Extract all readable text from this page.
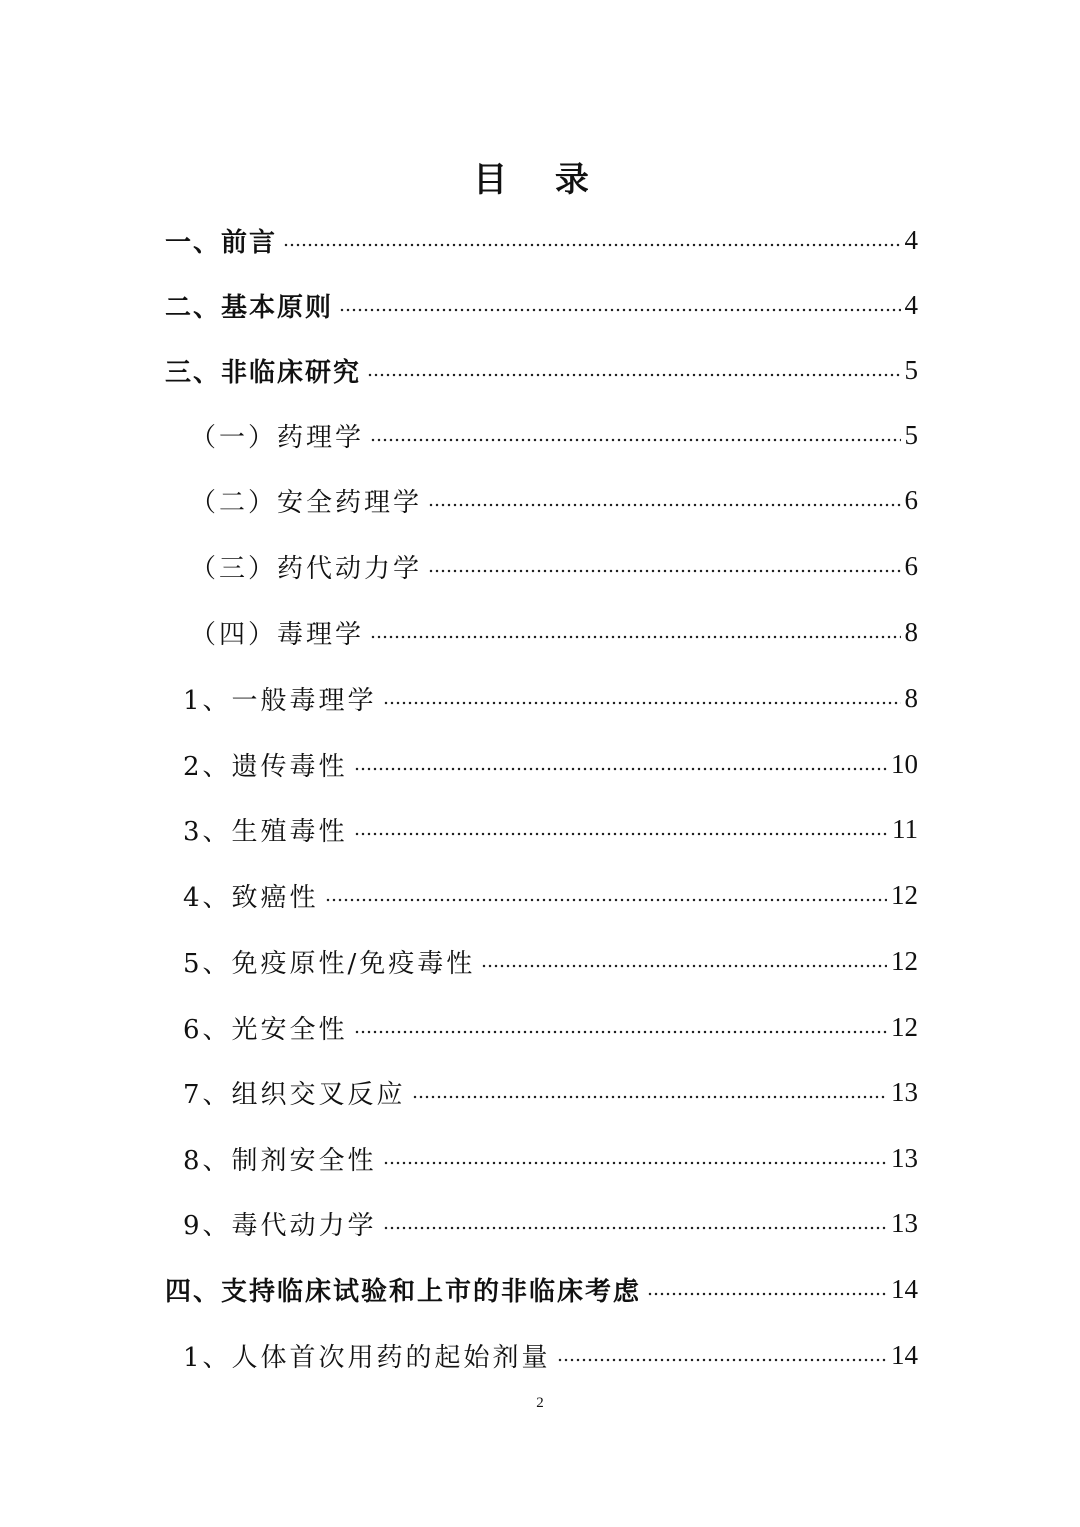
目 录
一、前言	4
二、基本原则	4
三、非临床研究	5
（一）药理学	5
（二）安全药理学	6
（三）药代动力学	6
（四）毒理学	8
1、一般毒理学	8
2、遗传毒性	10
3、生殖毒性	11
4、致癌性	12
5、免疫原性/免疫毒性	12
6、光安全性	12
7、组织交叉反应	13
8、制剂安全性	13
9、毒代动力学	13
四、支持临床试验和上市的非临床考虑	14
1、人体首次用药的起始剂量	14
2
